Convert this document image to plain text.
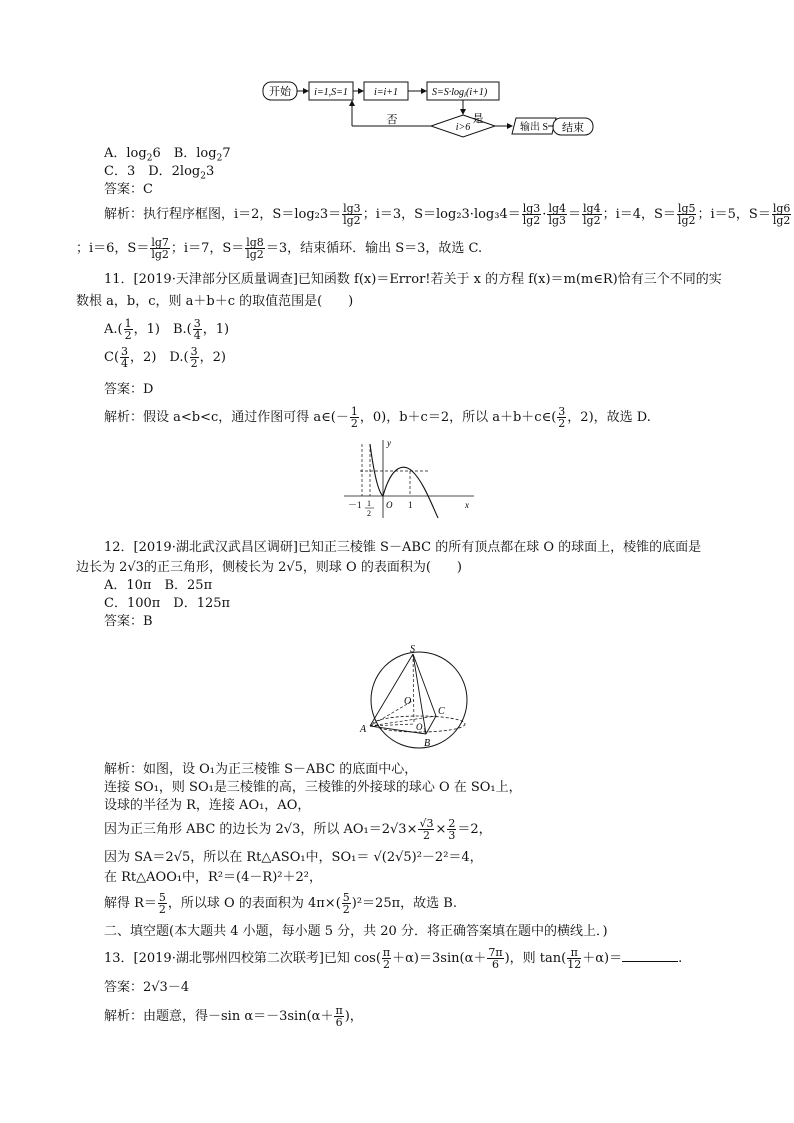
开始 i=1,S=1	i=i+1	$S=S\cdot\log_i(i+1)$
i>6
否	是
输出 S 结束
A．$\log_26$　B．$\log_27$
C．3　D．$2\log_23$
答案：C
解析：执行程序框图，i＝2，$S=\log_23= \frac{\lg 3}{\lg 2}$ ；i＝3，$S=\log_23\cdot\log_34= \frac{\lg 3}{\lg 2} \cdot \frac{\lg 4}{\lg 3} = \frac{\lg 4}{\lg 2}$ ；i＝4，$S= \frac{\lg 5}{\lg 2}$ ；i＝5，$S= \frac{\lg 6}{\lg 2}$
；i＝6，$S= \frac{\lg 7}{\lg 2}$ ；i＝7，$S= \frac{\lg 8}{\lg 2} =3$，结束循环．输出 S＝3，故选 C.
11．[2019·天津部分区质量调查]已知函数 f(x)＝Error!若关于 x 的方程 f(x)＝m(m∈R)恰有三个不同的实
数根 a，b，c，则 a＋b＋c 的取值范围是(　　)
$A.( \frac{1}{2}$ ，1)　$B.( \frac{3}{4}$ ，1)
$C( \frac{3}{4}$ ，2)　$D.( \frac{3}{2}$ ，2)
答案：D
解析：假设 a<b<c，通过作图可得 a∈(－ $\frac{1}{2}$ ，0)，b＋c＝2，所以 a＋b＋c∈( $\frac{3}{2}$ ，2)，故选 D.
y
x
－1 1
2
O 1
12．[2019·湖北武汉武昌区调研]已知正三棱锥 S－ABC 的所有顶点都在球 O 的球面上，棱锥的底面是
边长为 2√3的正三角形，侧棱长为 2√5，则球 O 的表面积为(　　)
A．10π　B．25π
C．100π　D．125π
答案：B
S
O
O₁
A
B
C
解析：如图，设 O₁为正三棱锥 S－ABC 的底面中心，
连接 SO₁，则 SO₁是三棱锥的高，三棱锥的外接球的球心 O 在 SO₁上，
设球的半径为 R，连接 AO₁，AO，
因为正三角形 ABC 的边长为 2√3，所以 $AO_1=2√3\times \frac{√3}{2} \times \frac{2}{3} =2$，
因为 SA＝2√5，所以在 Rt△ASO₁中，SO₁＝ √(2√5)²－2²＝4，
在 Rt△AOO₁中，R²＝(4－R)²＋2²，
解得 $R= \frac{5}{2}$ ，所以球 O 的表面积为 $4\pi\times( \frac{5}{2} )^2=25\pi$，故选 B.
二、填空题(本大题共 4 小题，每小题 5 分，共 20 分．将正确答案填在题中的横线上．)
13．[2019·湖北鄂州四校第二次联考]已知 $\cos( \frac{\pi}{2} +\alpha)=3\sin(\alpha+ \frac{7\pi}{6}$ )，则 $\tan( \frac{\pi}{12} +\alpha)=$	.
答案：2√3－4
解析：由题意，得－sin $\alpha=-3\sin(\alpha+ \frac{\pi}{6}$ )，
